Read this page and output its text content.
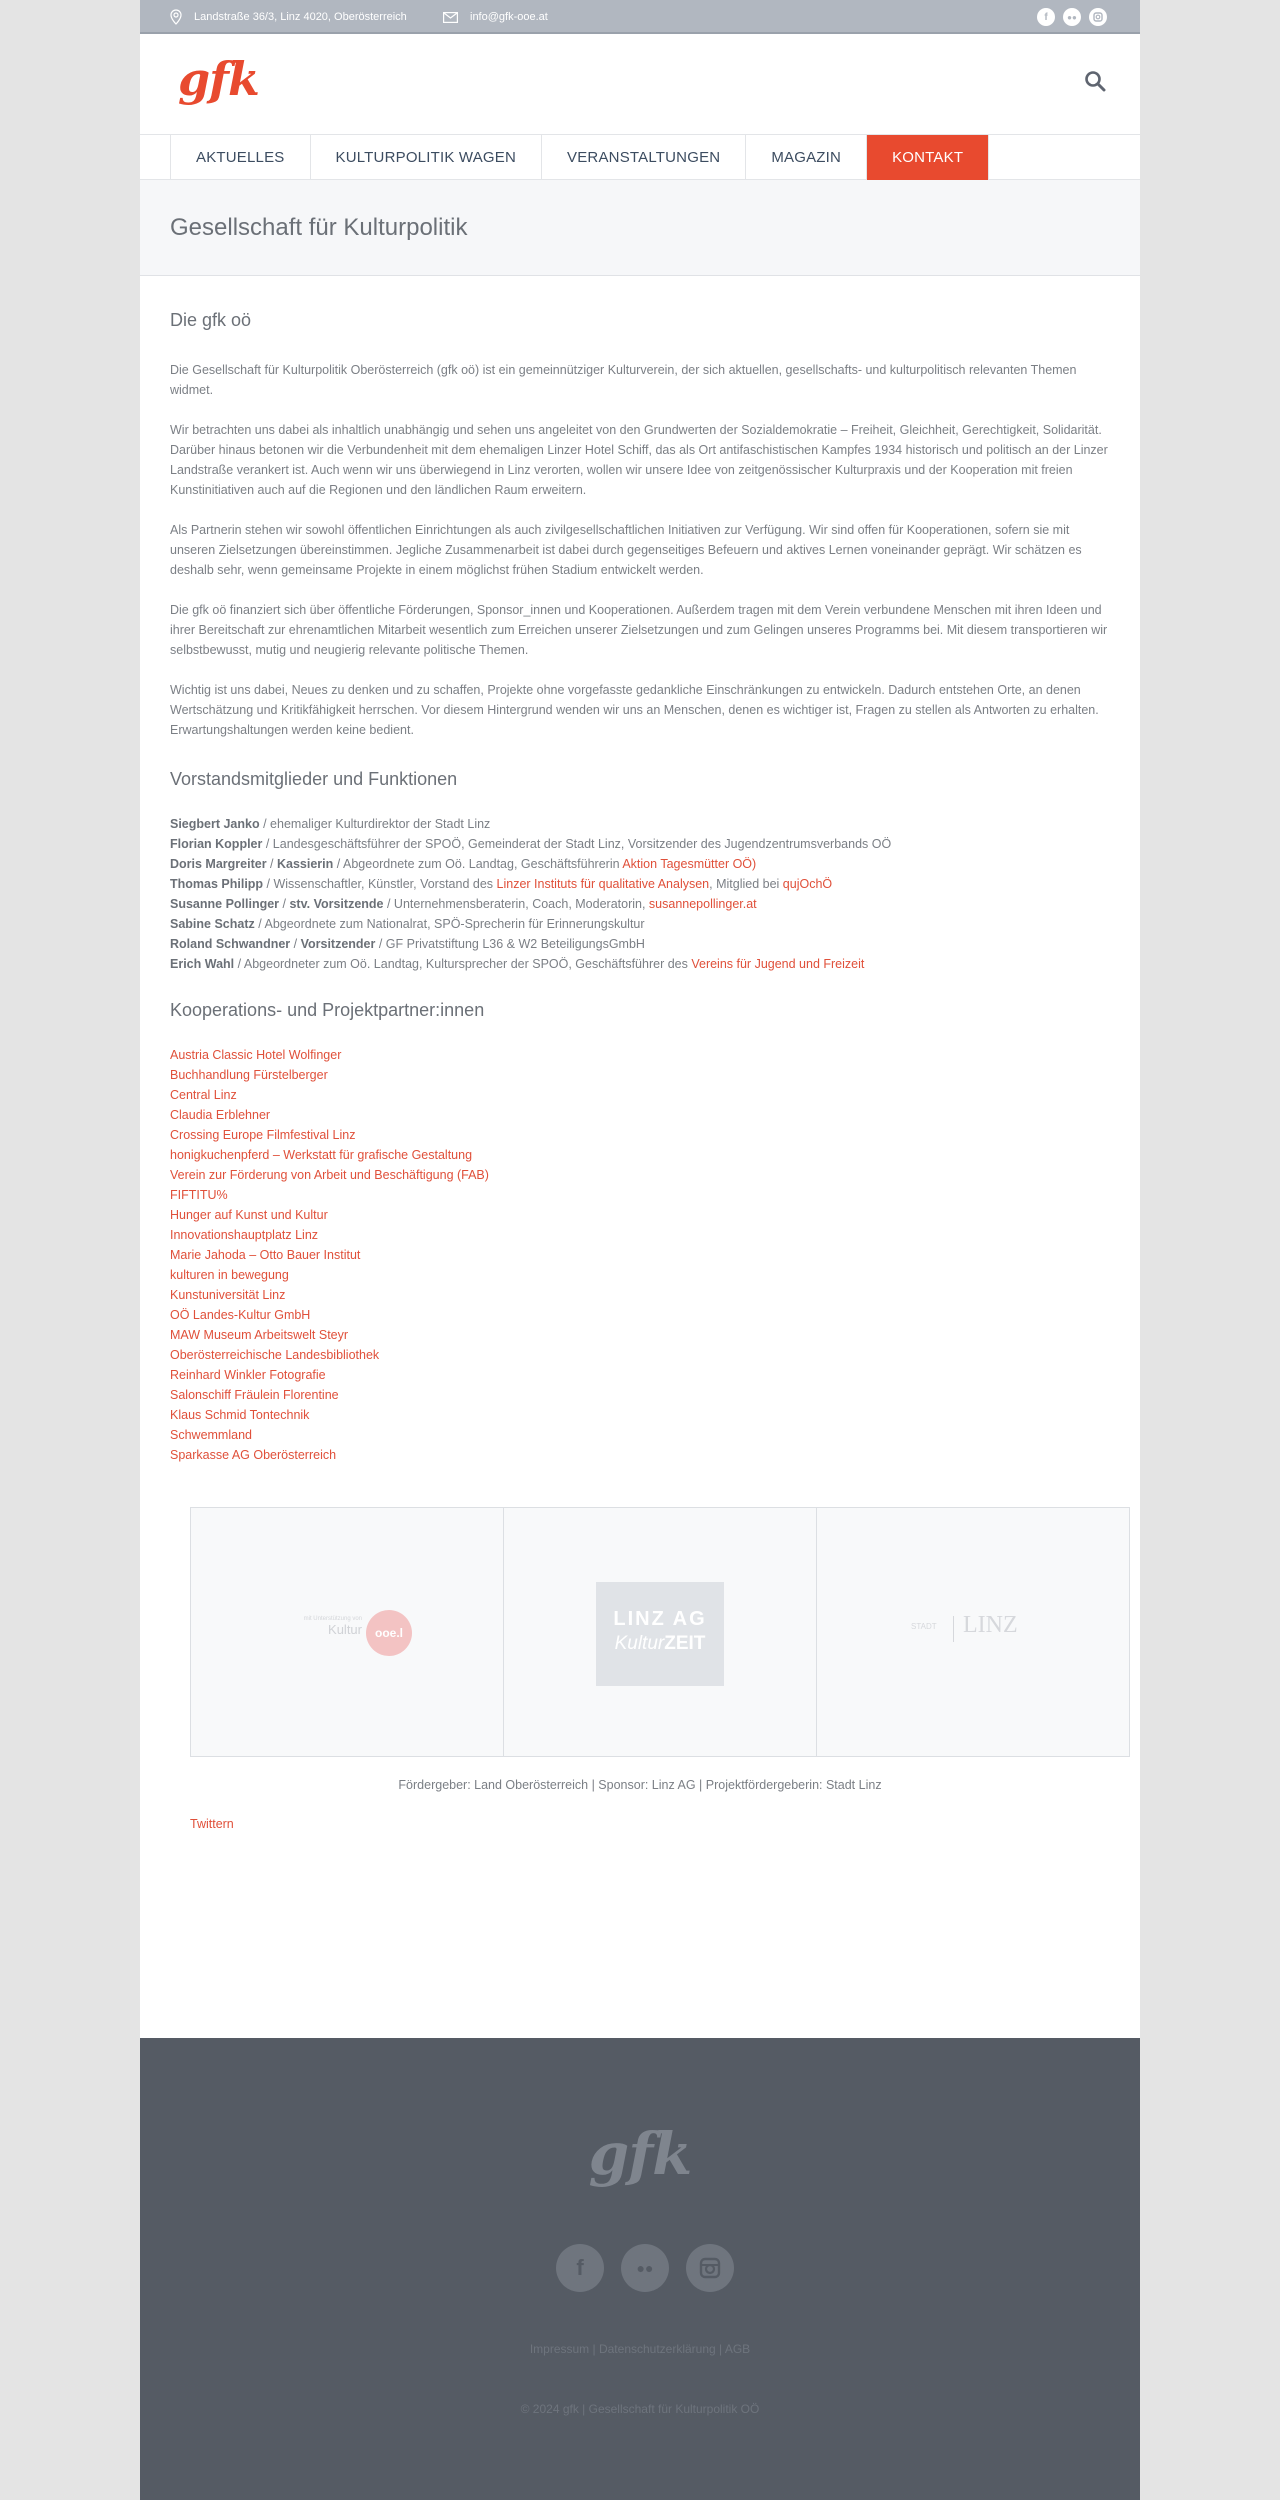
Landstraße 36/3, Linz 4020, Oberösterreich	info@gfk-ooe.at	f	●●
gfk
AKTUELLES	KULTURPOLITIK WAGEN	VERANSTALTUNGEN	MAGAZIN	KONTAKT
Gesellschaft für Kulturpolitik
Die gfk oö

Die Gesellschaft für Kulturpolitik Oberösterreich (gfk oö) ist ein gemeinnütziger Kulturverein, der sich aktuellen, gesellschafts- und kulturpolitisch relevanten Themen widmet.

Wir betrachten uns dabei als inhaltlich unabhängig und sehen uns angeleitet von den Grundwerten der Sozialdemokratie – Freiheit, Gleichheit, Gerechtigkeit, Solidarität. Darüber hinaus betonen wir die Verbundenheit mit dem ehemaligen Linzer Hotel Schiff, das als Ort antifaschistischen Kampfes 1934 historisch und politisch an der Linzer Landstraße verankert ist. Auch wenn wir uns überwiegend in Linz verorten, wollen wir unsere Idee von zeitgenössischer Kulturpraxis und der Kooperation mit freien Kunstinitiativen auch auf die Regionen und den ländlichen Raum erweitern.

Als Partnerin stehen wir sowohl öffentlichen Einrichtungen als auch zivilgesellschaftlichen Initiativen zur Verfügung. Wir sind offen für Kooperationen, sofern sie mit unseren Zielsetzungen übereinstimmen. Jegliche Zusammenarbeit ist dabei durch gegenseitiges Befeuern und aktives Lernen voneinander geprägt. Wir schätzen es deshalb sehr, wenn gemeinsame Projekte in einem möglichst frühen Stadium entwickelt werden.

Die gfk oö finanziert sich über öffentliche Förderungen, Sponsor_innen und Kooperationen. Außerdem tragen mit dem Verein verbundene Menschen mit ihren Ideen und ihrer Bereitschaft zur ehrenamtlichen Mitarbeit wesentlich zum Erreichen unserer Zielsetzungen und zum Gelingen unseres Programms bei. Mit diesem transportieren wir selbstbewusst, mutig und neugierig relevante politische Themen.

Wichtig ist uns dabei, Neues zu denken und zu schaffen, Projekte ohne vorgefasste gedankliche Einschränkungen zu entwickeln. Dadurch entstehen Orte, an denen Wertschätzung und Kritikfähigkeit herrschen. Vor diesem Hintergrund wenden wir uns an Menschen, denen es wichtiger ist, Fragen zu stellen als Antworten zu erhalten. Erwartungshaltungen werden keine bedient.

Vorstandsmitglieder und Funktionen
Siegbert Janko / ehemaliger Kulturdirektor der Stadt Linz
Florian Koppler / Landesgeschäftsführer der SPOÖ, Gemeinderat der Stadt Linz, Vorsitzender des Jugendzentrumsverbands OÖ
Doris Margreiter / Kassierin / Abgeordnete zum Oö. Landtag, Geschäftsführerin Aktion Tagesmütter OÖ)
Thomas Philipp / Wissenschaftler, Künstler, Vorstand des Linzer Instituts für qualitative Analysen, Mitglied bei qujOchÖ
Susanne Pollinger / stv. Vorsitzende / Unternehmensberaterin, Coach, Moderatorin, susannepollinger.at
Sabine Schatz / Abgeordnete zum Nationalrat, SPÖ-Sprecherin für Erinnerungskultur
Roland Schwandner / Vorsitzender / GF Privatstiftung L36 & W2 BeteiligungsGmbH
Erich Wahl / Abgeordneter zum Oö. Landtag, Kultursprecher der SPOÖ, Geschäftsführer des Vereins für Jugend und Freizeit
Kooperations- und Projektpartner:innen
Austria Classic Hotel Wolfinger
Buchhandlung Fürstelberger
Central Linz
Claudia Erblehner
Crossing Europe Filmfestival Linz
honigkuchenpferd – Werkstatt für grafische Gestaltung
Verein zur Förderung von Arbeit und Beschäftigung (FAB)
FIFTITU%
Hunger auf Kunst und Kultur
Innovationshauptplatz Linz
Marie Jahoda – Otto Bauer Institut
kulturen in bewegung
Kunstuniversität Linz
OÖ Landes-Kultur GmbH
MAW Museum Arbeitswelt Steyr
Oberösterreichische Landesbibliothek
Reinhard Winkler Fotografie
Salonschiff Fräulein Florentine
Klaus Schmid Tontechnik
Schwemmland
Sparkasse AG Oberösterreich
mit Unterstützung von
Kultur	ooe.l
LINZ AG
KulturZEIT
STADT LINZ
Fördergeber: Land Oberösterreich | Sponsor: Linz AG | Projektfördergeberin: Stadt Linz
Twittern
gfk
f	●●
Impressum | Datenschutzerklärung | AGB
© 2024 gfk | Gesellschaft für Kulturpolitik OÖ
